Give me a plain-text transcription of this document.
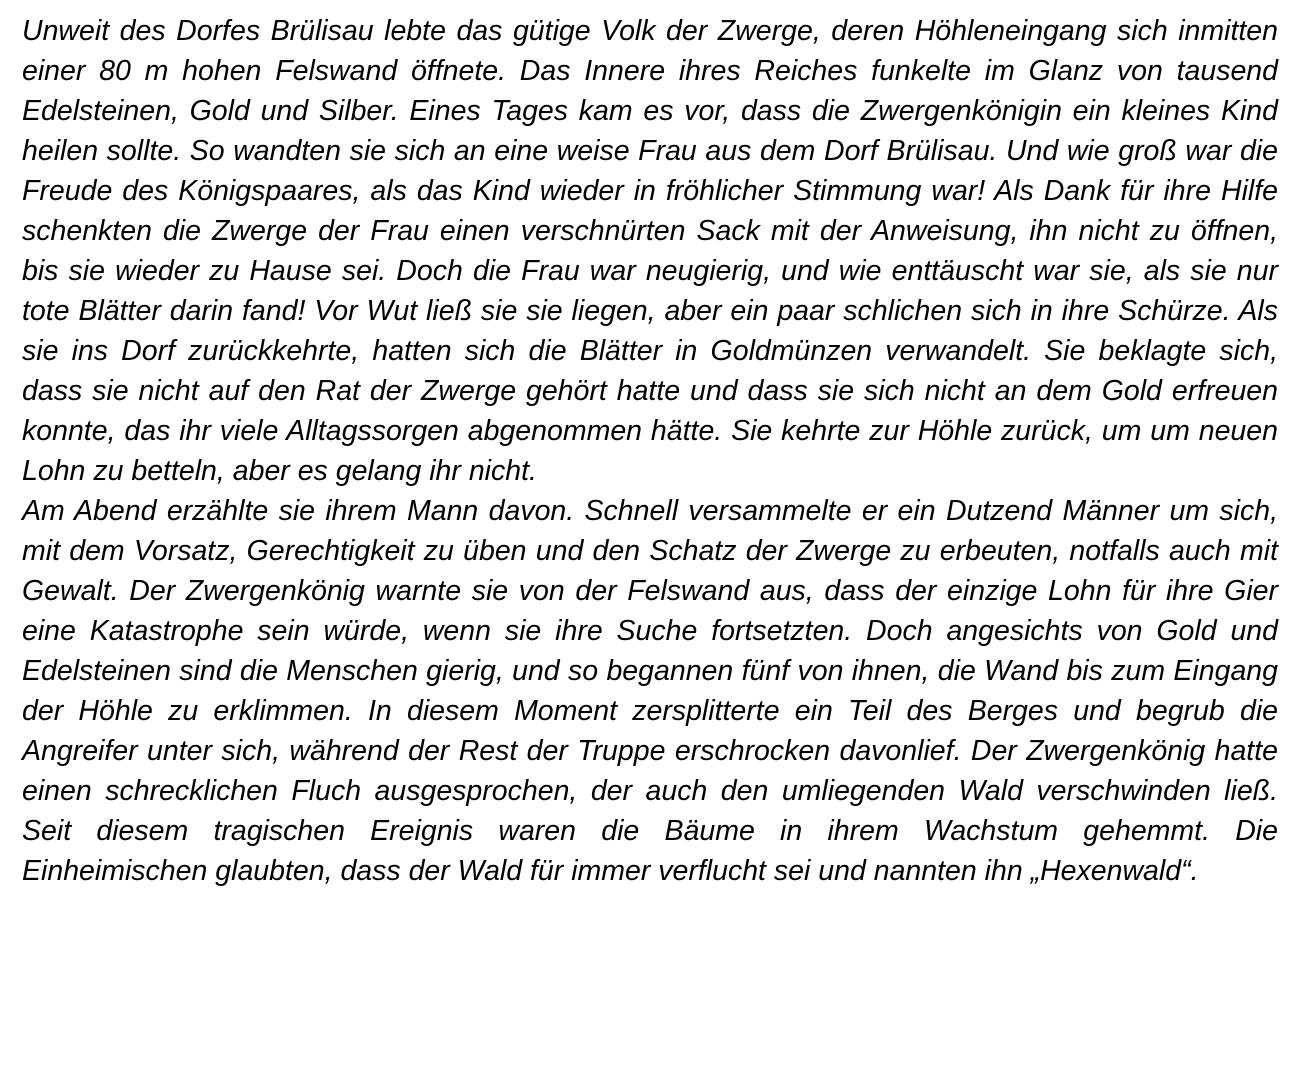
Unweit des Dorfes Brülisau lebte das gütige Volk der Zwerge, deren Höhleneingang sich inmitten einer 80 m hohen Felswand öffnete. Das Innere ihres Reiches funkelte im Glanz von tausend Edelsteinen, Gold und Silber. Eines Tages kam es vor, dass die Zwergenkönigin ein kleines Kind heilen sollte. So wandten sie sich an eine weise Frau aus dem Dorf Brülisau. Und wie groß war die Freude des Königspaares, als das Kind wieder in fröhlicher Stimmung war! Als Dank für ihre Hilfe schenkten die Zwerge der Frau einen verschnürten Sack mit der Anweisung, ihn nicht zu öffnen, bis sie wieder zu Hause sei. Doch die Frau war neugierig, und wie enttäuscht war sie, als sie nur tote Blätter darin fand! Vor Wut ließ sie sie liegen, aber ein paar schlichen sich in ihre Schürze. Als sie ins Dorf zurückkehrte, hatten sich die Blätter in Goldmünzen verwandelt. Sie beklagte sich, dass sie nicht auf den Rat der Zwerge gehört hatte und dass sie sich nicht an dem Gold erfreuen konnte, das ihr viele Alltagssorgen abgenommen hätte. Sie kehrte zur Höhle zurück, um um neuen Lohn zu betteln, aber es gelang ihr nicht.

Am Abend erzählte sie ihrem Mann davon. Schnell versammelte er ein Dutzend Männer um sich, mit dem Vorsatz, Gerechtigkeit zu üben und den Schatz der Zwerge zu erbeuten, notfalls auch mit Gewalt. Der Zwergenkönig warnte sie von der Felswand aus, dass der einzige Lohn für ihre Gier eine Katastrophe sein würde, wenn sie ihre Suche fortsetzten. Doch angesichts von Gold und Edelsteinen sind die Menschen gierig, und so begannen fünf von ihnen, die Wand bis zum Eingang der Höhle zu erklimmen. In diesem Moment zersplitterte ein Teil des Berges und begrub die Angreifer unter sich, während der Rest der Truppe erschrocken davonlief. Der Zwergenkönig hatte einen schrecklichen Fluch ausgesprochen, der auch den umliegenden Wald verschwinden ließ. Seit diesem tragischen Ereignis waren die Bäume in ihrem Wachstum gehemmt. Die Einheimischen glaubten, dass der Wald für immer verflucht sei und nannten ihn „Hexenwald“.
